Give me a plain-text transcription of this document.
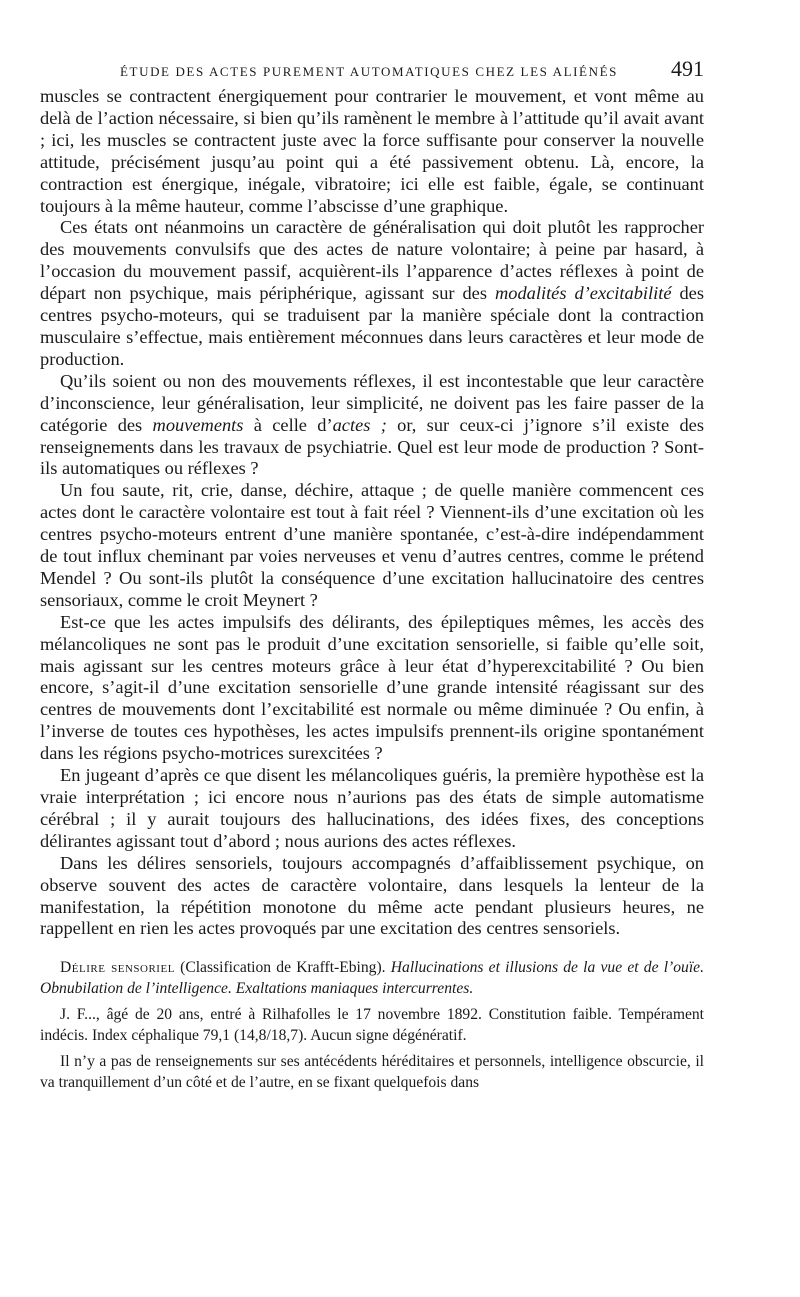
ÉTUDE DES ACTES PUREMENT AUTOMATIQUES CHEZ LES ALIÉNÉS 491

muscles se contractent énergiquement pour contrarier le mouvement, et vont même au delà de l’action nécessaire, si bien qu’ils ramènent le membre à l’attitude qu’il avait avant ; ici, les muscles se contractent juste avec la force suffisante pour conserver la nouvelle attitude, précisément jusqu’au point qui a été passivement obtenu. Là, encore, la contraction est énergique, inégale, vibratoire; ici elle est faible, égale, se continuant toujours à la même hauteur, comme l’abscisse d’une graphique.

Ces états ont néanmoins un caractère de généralisation qui doit plutôt les rapprocher des mouvements convulsifs que des actes de nature volontaire; à peine par hasard, à l’occasion du mouvement passif, acquièrent-ils l’apparence d’actes réflexes à point de départ non psychique, mais périphérique, agissant sur des modalités d’excitabilité des centres psycho-moteurs, qui se traduisent par la manière spéciale dont la contraction musculaire s’effectue, mais entièrement méconnues dans leurs caractères et leur mode de production.

Qu’ils soient ou non des mouvements réflexes, il est incontestable que leur caractère d’inconscience, leur généralisation, leur simplicité, ne doivent pas les faire passer de la catégorie des mouvements à celle d’actes ; or, sur ceux-ci j’ignore s’il existe des renseignements dans les travaux de psychiatrie. Quel est leur mode de production ? Sont-ils automatiques ou réflexes ?

Un fou saute, rit, crie, danse, déchire, attaque ; de quelle manière commencent ces actes dont le caractère volontaire est tout à fait réel ? Viennent-ils d’une excitation où les centres psycho-moteurs entrent d’une manière spontanée, c’est-à-dire indépendamment de tout influx cheminant par voies nerveuses et venu d’autres centres, comme le prétend Mendel ? Ou sont-ils plutôt la conséquence d’une excitation hallucinatoire des centres sensoriaux, comme le croit Meynert ?

Est-ce que les actes impulsifs des délirants, des épileptiques mêmes, les accès des mélancoliques ne sont pas le produit d’une excitation sensorielle, si faible qu’elle soit, mais agissant sur les centres moteurs grâce à leur état d’hyperexcitabilité ? Ou bien encore, s’agit-il d’une excitation sensorielle d’une grande intensité réagissant sur des centres de mouvements dont l’excitabilité est normale ou même diminuée ? Ou enfin, à l’inverse de toutes ces hypothèses, les actes impulsifs prennent-ils origine spontanément dans les régions psycho-motrices surexcitées ?

En jugeant d’après ce que disent les mélancoliques guéris, la première hypothèse est la vraie interprétation ; ici encore nous n’aurions pas des états de simple automatisme cérébral ; il y aurait toujours des hallucinations, des idées fixes, des conceptions délirantes agissant tout d’abord ; nous aurions des actes réflexes.

Dans les délires sensoriels, toujours accompagnés d’affaiblissement psychique, on observe souvent des actes de caractère volontaire, dans lesquels la lenteur de la manifestation, la répétition monotone du même acte pendant plusieurs heures, ne rappellent en rien les actes provoqués par une excitation des centres sensoriels.

Délire sensoriel (Classification de Krafft-Ebing). Hallucinations et illusions de la vue et de l’ouïe. Obnubilation de l’intelligence. Exaltations maniaques intercurrentes.

J. F..., âgé de 20 ans, entré à Rilhafolles le 17 novembre 1892. Constitution faible. Tempérament indécis. Index céphalique 79,1 (14,8/18,7). Aucun signe dégénératif.

Il n’y a pas de renseignements sur ses antécédents héréditaires et personnels, intelligence obscurcie, il va tranquillement d’un côté et de l’autre, en se fixant quelquefois dans
